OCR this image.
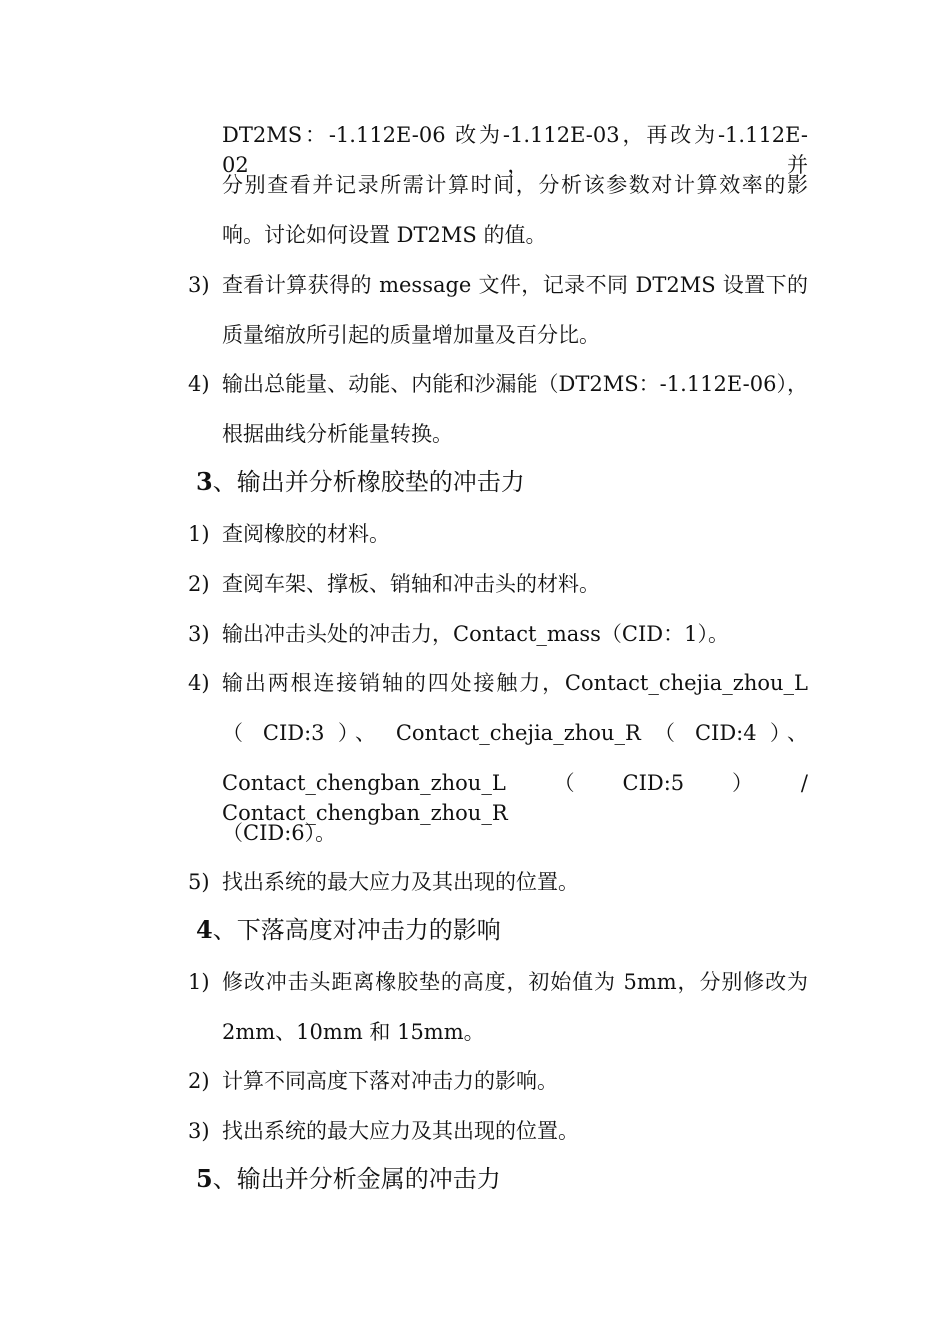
DT2MS：-1.112E-06 改为-1.112E-03，再改为-1.112E-02，并
分别查看并记录所需计算时间，分析该参数对计算效率的影
响。讨论如何设置 DT2MS 的值。
3) 查看计算获得的 message 文件，记录不同 DT2MS 设置下的
质量缩放所引起的质量增加量及百分比。
4) 输出总能量、动能、内能和沙漏能（DT2MS：-1.112E-06），
根据曲线分析能量转换。
3、输出并分析橡胶垫的冲击力
1) 查阅橡胶的材料。
2) 查阅车架、撑板、销轴和冲击头的材料。
3) 输出冲击头处的冲击力，Contact_mass（CID：1）。
4) 输出两根连接销轴的四处接触力，Contact_chejia_zhou_L
（ CID:3 ）、 Contact_chejia_zhou_R （ CID:4 ）、
Contact_chengban_zhou_L（CID:5）/ Contact_chengban_zhou_R
（CID:6）。
5) 找出系统的最大应力及其出现的位置。
4、下落高度对冲击力的影响
1) 修改冲击头距离橡胶垫的高度，初始值为 5mm，分别修改为
2mm、10mm 和 15mm。
2) 计算不同高度下落对冲击力的影响。
3) 找出系统的最大应力及其出现的位置。
5、输出并分析金属的冲击力
